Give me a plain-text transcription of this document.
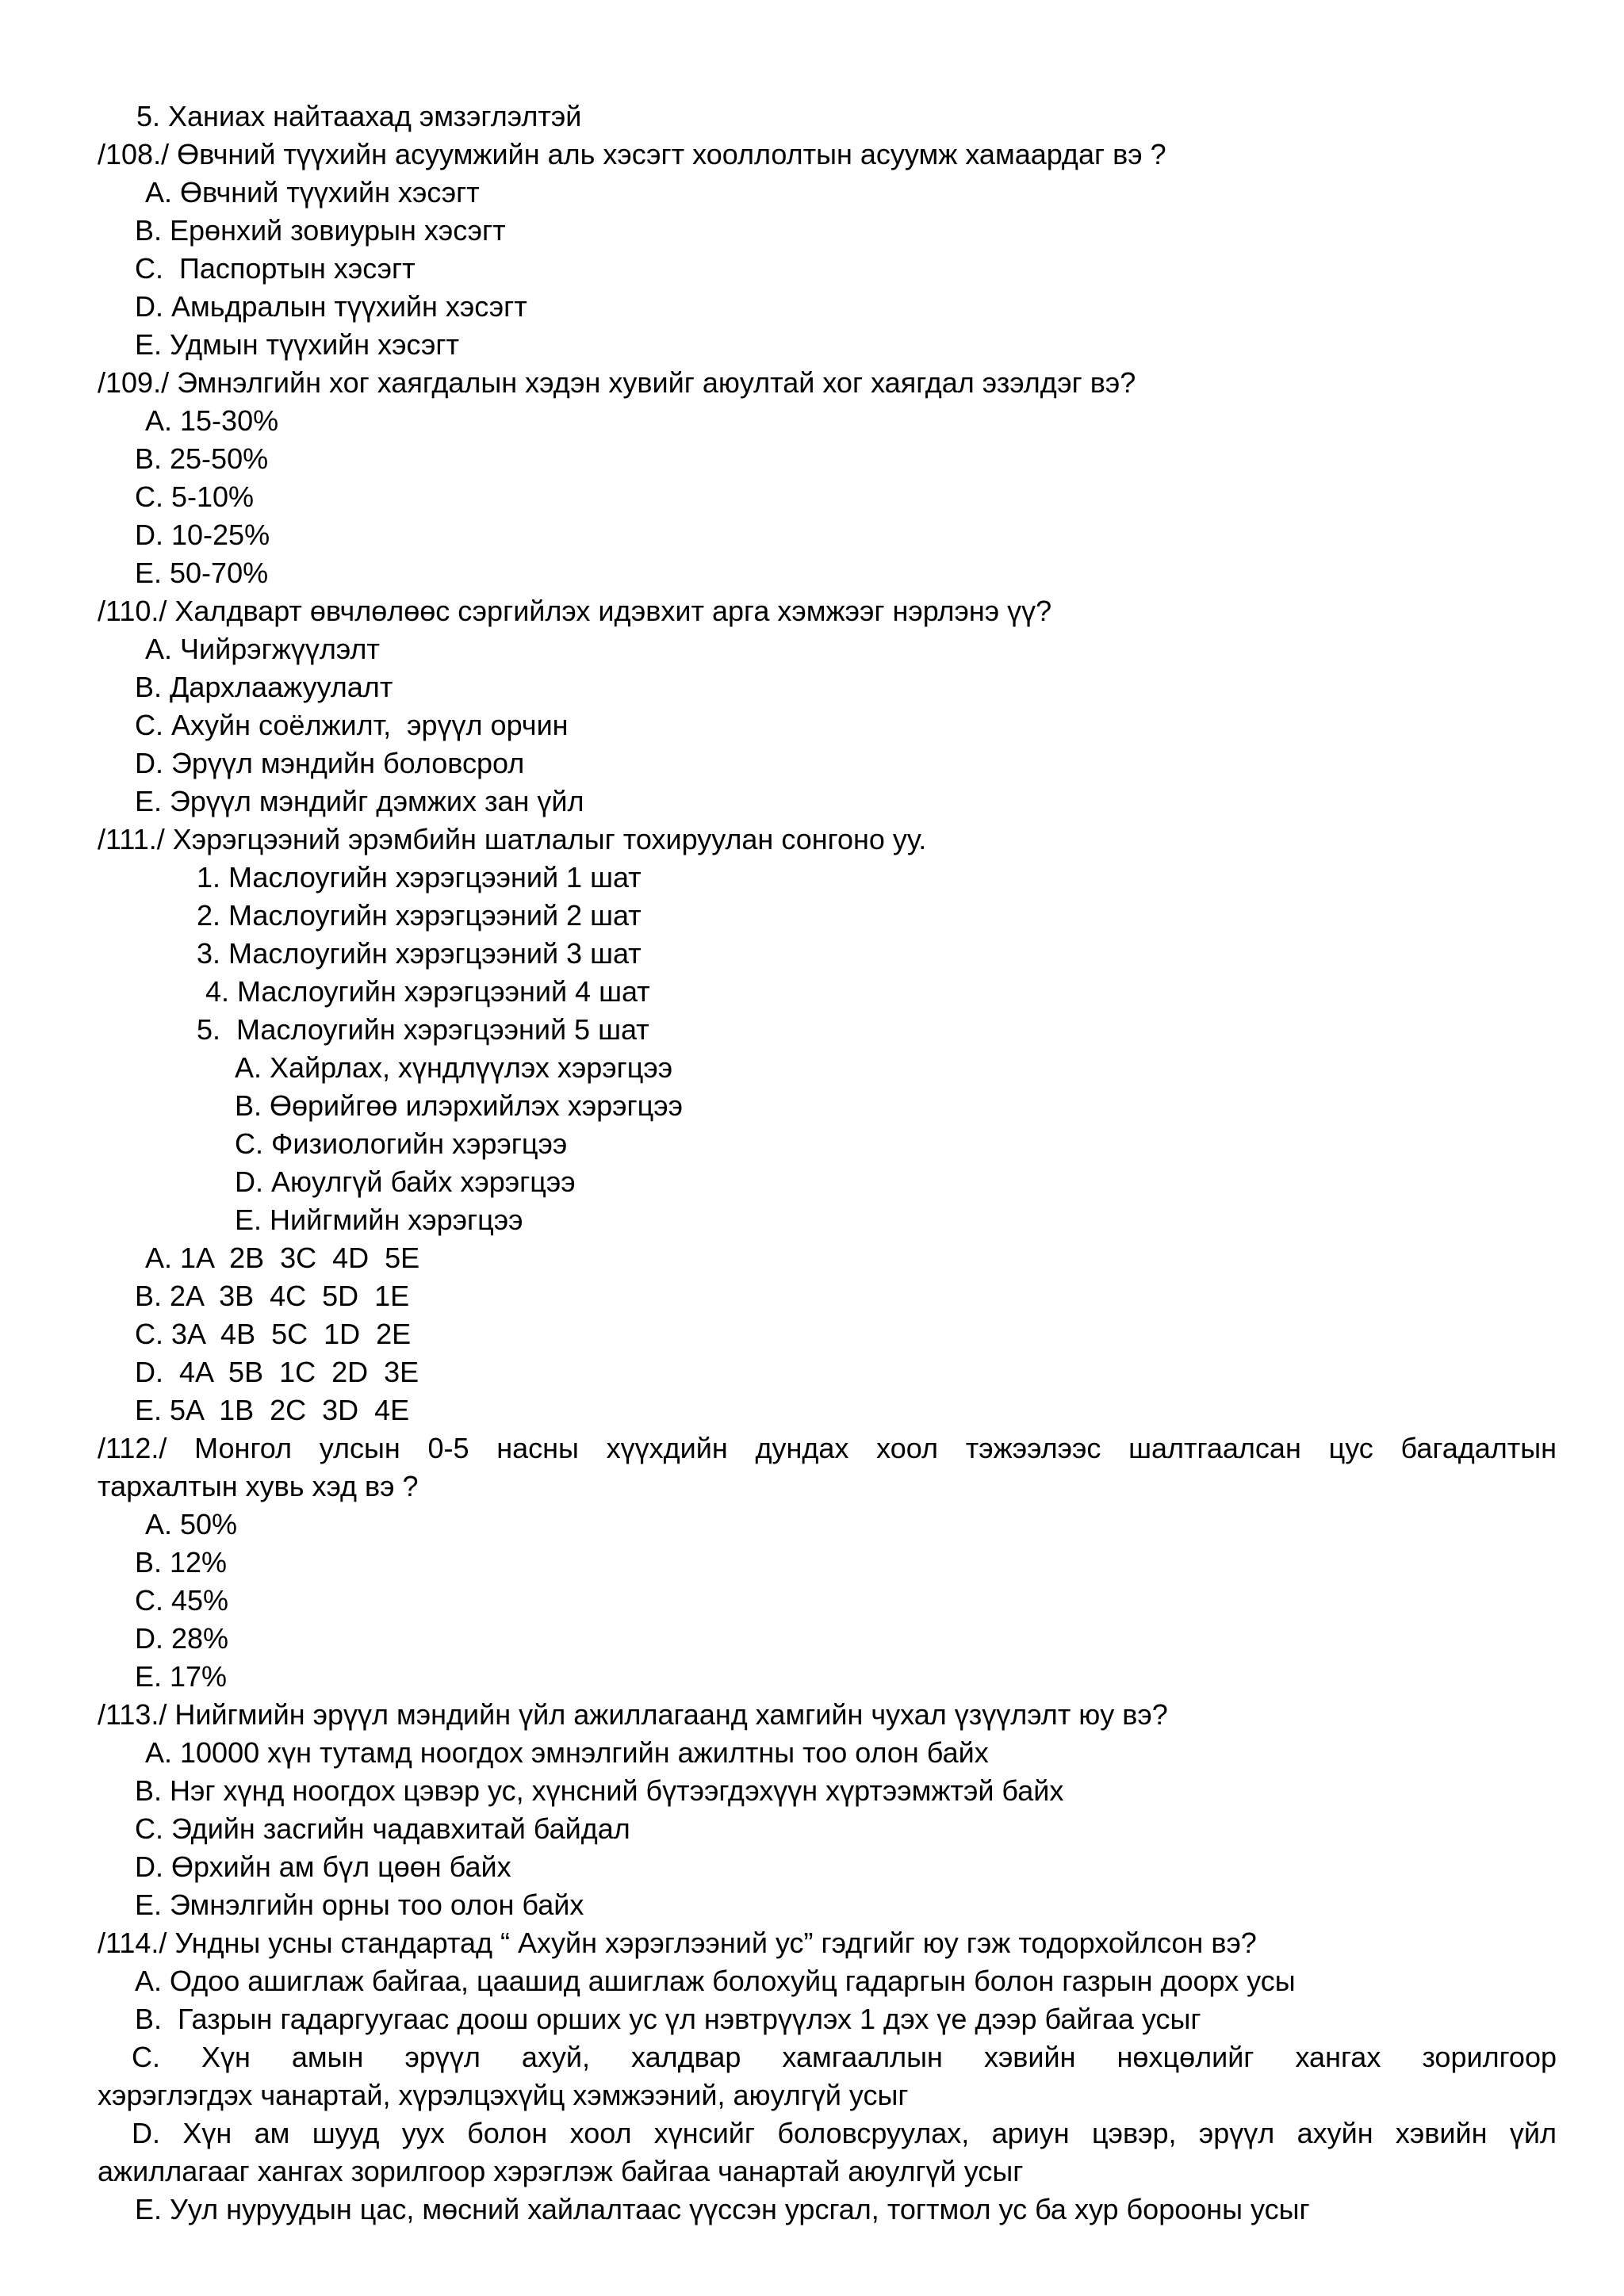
5. Ханиах найтаахад эмзэглэлтэй
/108./ Өвчний түүхийн асуумжийн аль хэсэгт хооллолтын асуумж хамаардаг вэ ?
A. Өвчний түүхийн хэсэгт
B. Ерөнхий зовиурын хэсэгт
C.  Паспортын хэсэгт
D. Амьдралын түүхийн хэсэгт
E. Удмын түүхийн хэсэгт
/109./ Эмнэлгийн хог хаягдалын хэдэн хувийг аюултай хог хаягдал эзэлдэг вэ?
A. 15-30%
B. 25-50%
C. 5-10%
D. 10-25%
E. 50-70%
/110./ Халдварт өвчлөлөөс сэргийлэх идэвхит арга хэмжээг нэрлэнэ үү?
A. Чийрэгжүүлэлт
B. Дархлаажуулалт
C. Ахуйн соёлжилт,  эрүүл орчин
D. Эрүүл мэндийн боловсрол
E. Эрүүл мэндийг дэмжих зан үйл
/111./ Хэрэгцээний эрэмбийн шатлалыг тохируулан сонгоно уу.
1. Маслоугийн хэрэгцээний 1 шат
2. Маслоугийн хэрэгцээний 2 шат
3. Маслоугийн хэрэгцээний 3 шат
4. Маслоугийн хэрэгцээний 4 шат
5.  Маслоугийн хэрэгцээний 5 шат
A. Хайрлах, хүндлүүлэх хэрэгцээ
B. Өөрийгөө илэрхийлэх хэрэгцээ
C. Физиологийн хэрэгцээ
D. Аюулгүй байх хэрэгцээ
E. Нийгмийн хэрэгцээ
A. 1A  2B  3C  4D  5E
B. 2A  3B  4C  5D  1E
C. 3A  4B  5C  1D  2E
D.  4A  5B  1C  2D  3E
E. 5A  1B  2C  3D  4E
/112./ Монгол улсын 0-5 насны хүүхдийн дундах хоол тэжээлээс шалтгаалсан цус багадалтын
тархалтын хувь хэд вэ ?
A. 50%
B. 12%
C. 45%
D. 28%
E. 17%
/113./ Нийгмийн эрүүл мэндийн үйл ажиллагаанд хамгийн чухал үзүүлэлт юу вэ?
A. 10000 хүн тутамд ноогдох эмнэлгийн ажилтны тоо олон байх
B. Нэг хүнд ноогдох цэвэр ус, хүнсний бүтээгдэхүүн хүртээмжтэй байх
C. Эдийн засгийн чадавхитай байдал
D. Өрхийн ам бүл цөөн байх
E. Эмнэлгийн орны тоо олон байх
/114./ Ундны усны стандартад “ Ахуйн хэрэглээний ус” гэдгийг юу гэж тодорхойлсон вэ?
A. Одоо ашиглаж байгаа, цаашид ашиглаж болохуйц гадаргын болон газрын доорх усы
B.  Газрын гадаргуугаас доош орших ус үл нэвтрүүлэх 1 дэх үе дээр байгаа усыг
C. Хүн амын эрүүл ахуй, халдвар хамгааллын хэвийн нөхцөлийг хангах зорилгоор
хэрэглэгдэх чанартай, хүрэлцэхүйц хэмжээний, аюулгүй усыг
D. Хүн ам шууд уух болон хоол хүнсийг боловсруулах, ариун цэвэр, эрүүл ахуйн хэвийн үйл
ажиллагааг хангах зорилгоор хэрэглэж байгаа чанартай аюулгүй усыг
E. Уул нуруудын цас, мөсний хайлалтаас үүссэн урсгал, тогтмол ус ба хур борооны усыг
